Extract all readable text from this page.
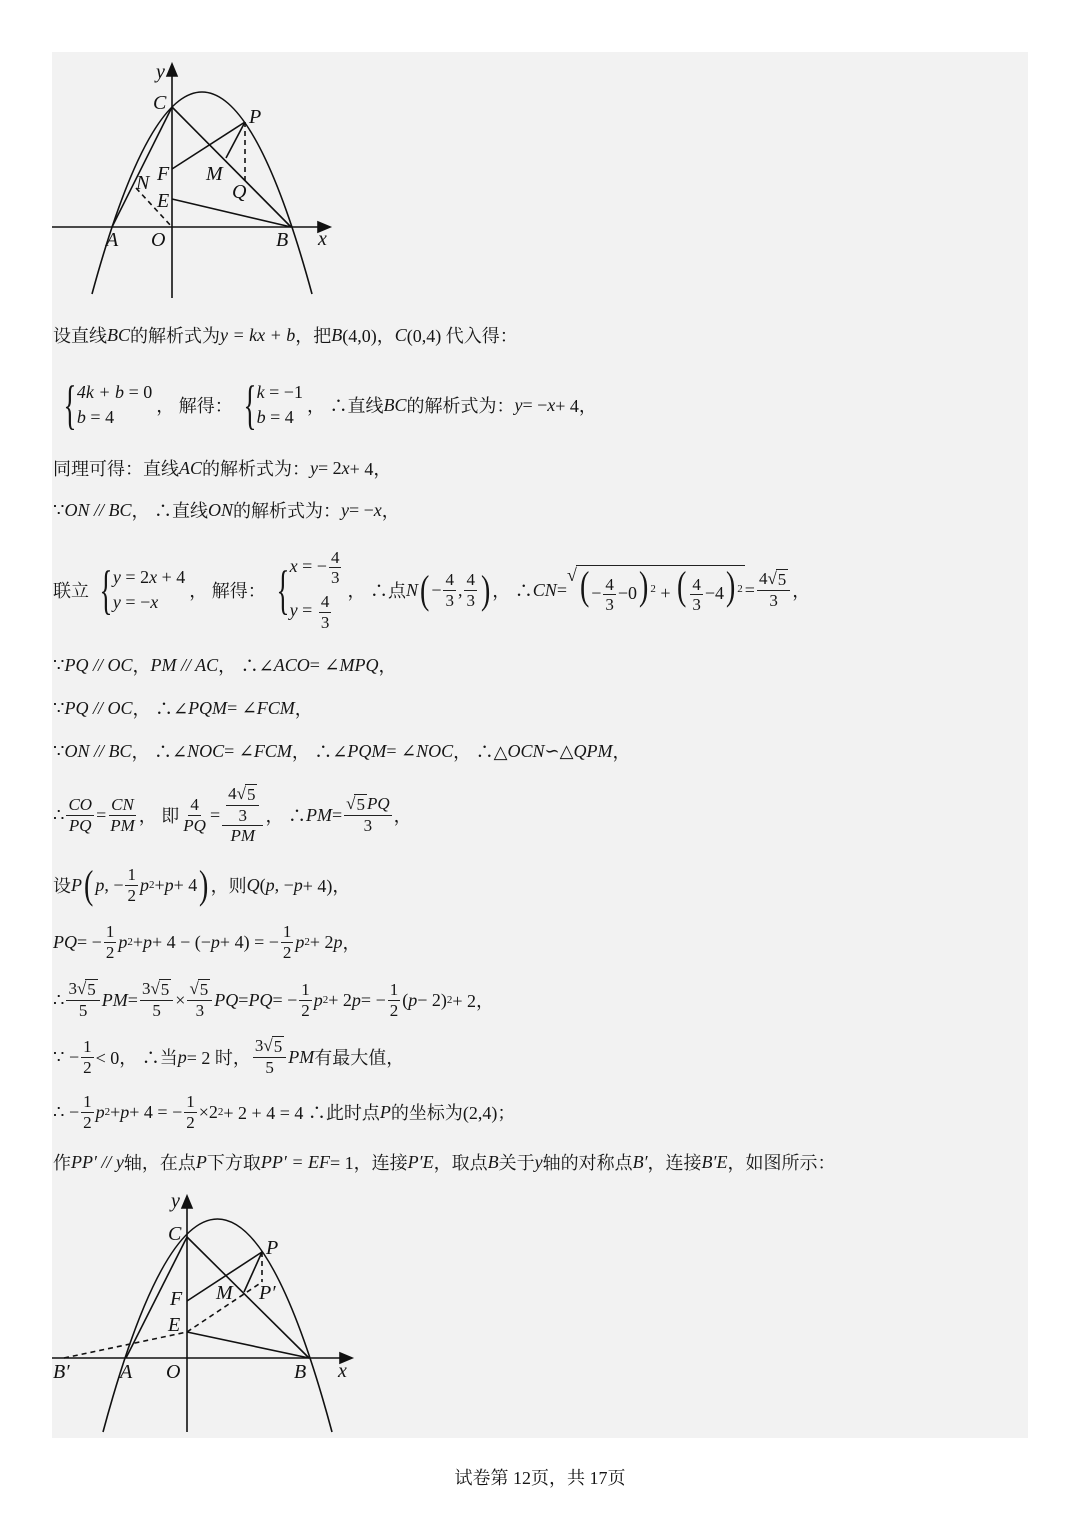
y
x
C
P
F M
N	Q
E
A O	B
y
x
C
P
P′
F M
E
A O	B
B′
设直线 BC 的解析式为 y = kx + b ，把 B (4,0)， C (0,4) 代入得：
{ 4k + b = 0
b = 4
， 解得：
{ k = −1
b = 4
， ∴直线 BC 的解析式为： y = − x + 4，
同理可得：直线 AC 的解析式为： y = 2 x + 4，
∵ ON // BC ， ∴直线 ON 的解析式为： y = − x ，
联立
{ y = 2x + 4
y = −x
， 解得：
{ x = − $\frac{4}{3}$
$y = \frac{4}{3}$
， ∴点 N ( − $\frac{4}{3}$ , $\frac{4}{3}$ ) ， ∴ CN = √ ( − $\frac{4}{3} -0$) $^2$ + ( $\frac{4}{3} -4$) $^2 = \frac{4 √ 5}{3}$ ，
∵ PQ // OC ， PM // AC ， ∴∠ ACO = ∠ MPQ ，
∵ PQ // OC ， ∴∠ PQM = ∠ FCM ，
∵ ON // BC ， ∴∠ NOC = ∠ FCM ， ∴∠ PQM = ∠ NOC ， ∴△ OCN ∽△ QPM ，
∴ $\frac{CO}{PQ} = \frac{CN}{PM}$ ， 即 $\frac{4}{PQ} = \frac{\frac{4 √ 5}{3}}{PM}$ ， ∴ PM = √ $\frac{5 PQ}{3}$ ，
设 P ( p , − $\frac{1}{2}$ p 2 + p + 4 ) ，则 Q ( p , − p + 4)，
PQ = − $\frac{1}{2}$ p 2 + p + 4 − (− p + 4) = − $\frac{1}{2}$ p 2 + 2 p ，
∴ $\frac{3 √ 5}{5}$ PM = $\frac{3 √ 5}{5}$ × √ $\frac{5}{3}$ PQ = PQ = − $\frac{1}{2}$ p 2 + 2 p = − $\frac{1}{2}$ ( p − 2) 2 + 2，
∵ − $\frac{1}{2} < 0$， ∴当 p = 2 时， $\frac{3 √ 5}{5}$ PM 有最大值，
∴ − $\frac{1}{2}$ p 2 + p + 4 = − $\frac{1}{2} \times 2$ 2 + 2 + 4 = 4 ∴此时点 P 的坐标为(2,4)；
作 PP′ // y 轴，在点 P 下方取 PP′ = EF = 1，连接 P′E ，取点 B 关于 y 轴的对称点 B′ ，连接 B′E ，如图所示：
试卷第 12页，共 17页
